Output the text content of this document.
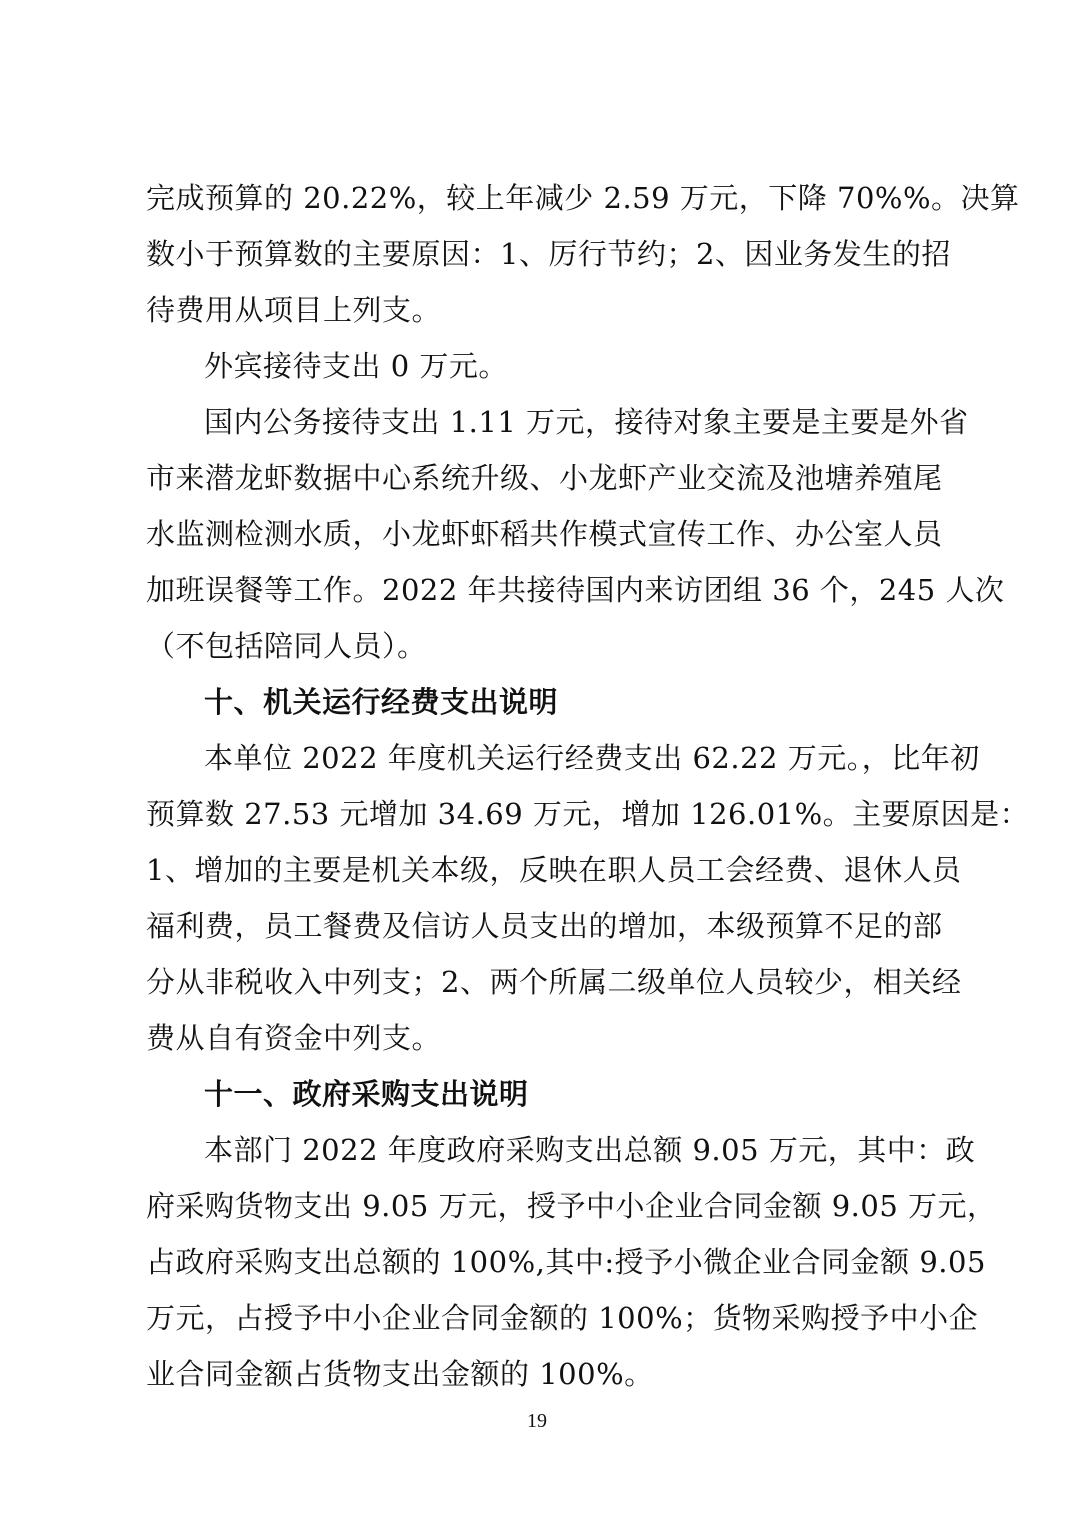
完成预算的 20.22%，较上年减少 2.59 万元，下降 70%%。决算
数小于预算数的主要原因：1、厉行节约；2、因业务发生的招
待费用从项目上列支。
外宾接待支出 0 万元。
国内公务接待支出 1.11 万元，接待对象主要是主要是外省
市来潜龙虾数据中心系统升级、小龙虾产业交流及池塘养殖尾
水监测检测水质，小龙虾虾稻共作模式宣传工作、办公室人员
加班误餐等工作。2022 年共接待国内来访团组 36 个，245 人次
（不包括陪同人员）。
十、机关运行经费支出说明
本单位 2022 年度机关运行经费支出 62.22 万元。，比年初
预算数 27.53 元增加 34.69 万元，增加 126.01%。主要原因是：
1、增加的主要是机关本级，反映在职人员工会经费、退休人员
福利费，员工餐费及信访人员支出的增加，本级预算不足的部
分从非税收入中列支；2、两个所属二级单位人员较少，相关经
费从自有资金中列支。
十一、政府采购支出说明
本部门 2022 年度政府采购支出总额 9.05 万元，其中：政
府采购货物支出 9.05 万元，授予中小企业合同金额 9.05 万元，
占政府采购支出总额的 100%,其中:授予小微企业合同金额 9.05
万元，占授予中小企业合同金额的 100%；货物采购授予中小企
业合同金额占货物支出金额的 100%。
19
